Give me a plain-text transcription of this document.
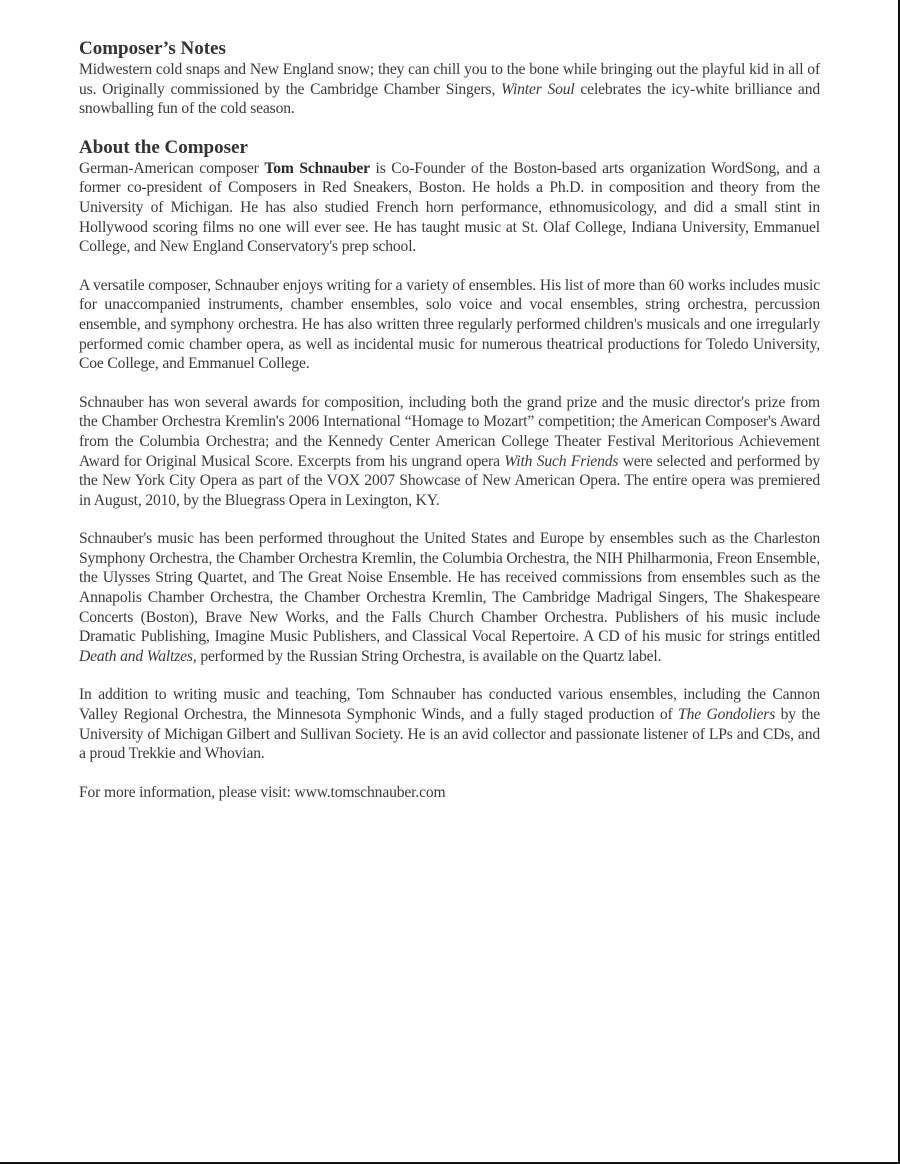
Composer’s Notes

Midwestern cold snaps and New England snow; they can chill you to the bone while bringing out the playful kid in all of us. Originally commissioned by the Cambridge Chamber Singers, Winter Soul celebrates the icy-white brilliance and snowballing fun of the cold season.

About the Composer

German-American composer Tom Schnauber is Co-Founder of the Boston-based arts organization WordSong, and a former co-president of Composers in Red Sneakers, Boston. He holds a Ph.D. in composition and theory from the University of Michigan. He has also studied French horn performance, ethnomusicology, and did a small stint in Hollywood scoring films no one will ever see. He has taught music at St. Olaf College, Indiana University, Emmanuel College, and New England Conservatory's prep school.

A versatile composer, Schnauber enjoys writing for a variety of ensembles. His list of more than 60 works includes music for unaccompanied instruments, chamber ensembles, solo voice and vocal ensembles, string orchestra, percussion ensemble, and symphony orchestra. He has also written three regularly performed children's musicals and one irregularly performed comic chamber opera, as well as incidental music for numerous theatrical productions for Toledo University, Coe College, and Emmanuel College.

Schnauber has won several awards for composition, including both the grand prize and the music director's prize from the Chamber Orchestra Kremlin's 2006 International “Homage to Mozart” competition; the American Composer's Award from the Columbia Orchestra; and the Kennedy Center American College Theater Festival Meritorious Achievement Award for Original Musical Score. Excerpts from his ungrand opera With Such Friends were selected and performed by the New York City Opera as part of the VOX 2007 Showcase of New American Opera. The entire opera was premiered in August, 2010, by the Bluegrass Opera in Lexington, KY.

Schnauber's music has been performed throughout the United States and Europe by ensembles such as the Charleston Symphony Orchestra, the Chamber Orchestra Kremlin, the Columbia Orchestra, the NIH Philharmonia, Freon Ensemble, the Ulysses String Quartet, and The Great Noise Ensemble. He has received commissions from ensembles such as the Annapolis Chamber Orchestra, the Chamber Orchestra Kremlin, The Cambridge Madrigal Singers, The Shakespeare Concerts (Boston), Brave New Works, and the Falls Church Chamber Orchestra. Publishers of his music include Dramatic Publishing, Imagine Music Publishers, and Classical Vocal Repertoire. A CD of his music for strings entitled Death and Waltzes, performed by the Russian String Orchestra, is available on the Quartz label.

In addition to writing music and teaching, Tom Schnauber has conducted various ensembles, including the Cannon Valley Regional Orchestra, the Minnesota Symphonic Winds, and a fully staged production of The Gondoliers by the University of Michigan Gilbert and Sullivan Society. He is an avid collector and passionate listener of LPs and CDs, and a proud Trekkie and Whovian.

For more information, please visit: www.tomschnauber.com
